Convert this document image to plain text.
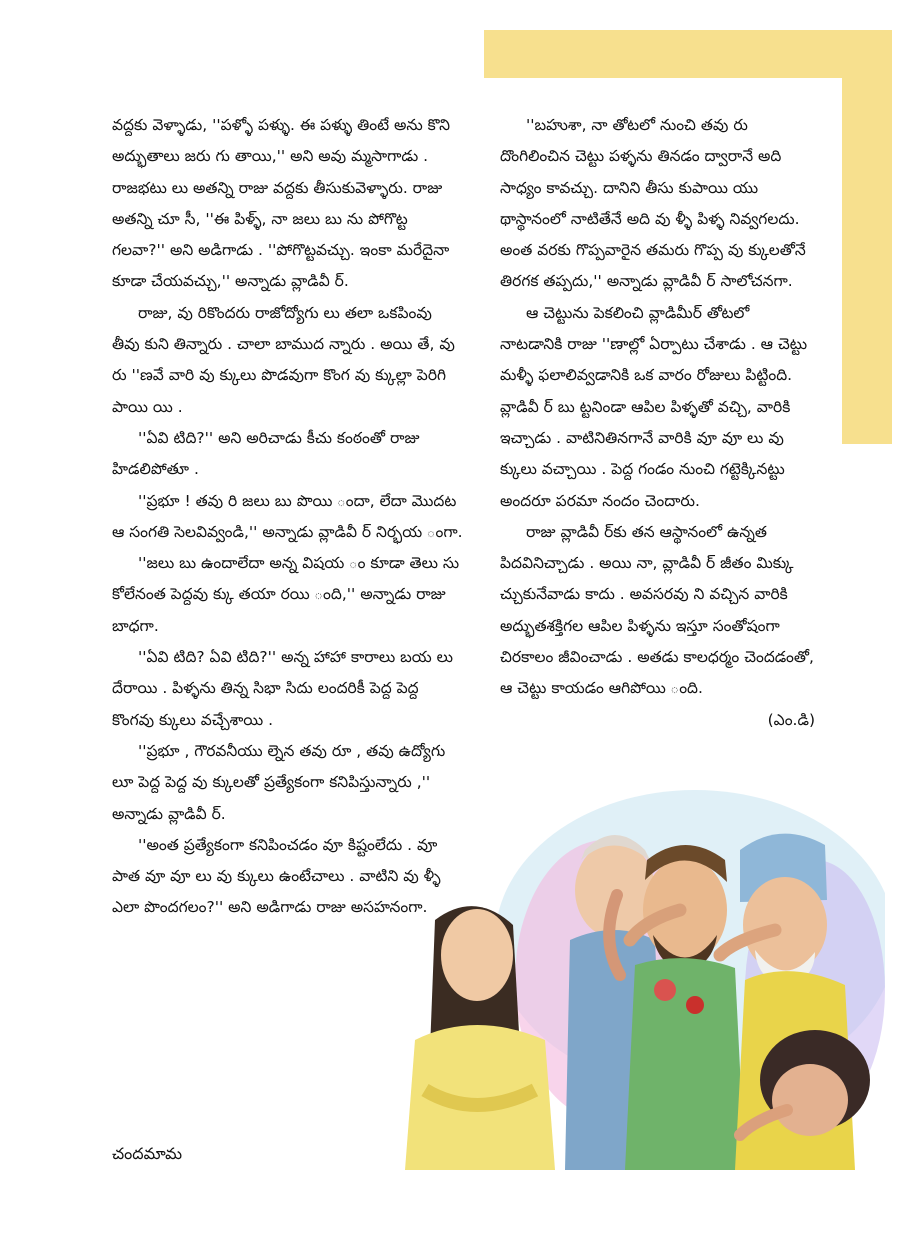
వద్దకు వెళ్ళాడు, ''పళ్ళో పళ్ళు. ఈ పళ్ళు తింటే అను కొని అద్భుతాలు జరు గు తాయి,'' అని అవు మ్మసాగాడు . రాజభటు లు అతన్ని రాజు వద్దకు తీసుకువెళ్ళారు. రాజు అతన్ని చూ సీ, ''ఈ పిళ్ళ్, నా జలు బు ను పోగొట్ట గలవా?'' అని అడిగాడు . ''పోగొట్టవచ్చు. ఇంకా మరేదైనా కూడా చేయవచ్చు,'' అన్నాడు వ్లాడివీ ర్.

రాజు, వు రికొందరు రాజోద్యోగు లు తలా ఒకపింవు తీవు కుని తిన్నారు . చాలా బాముద న్నారు . అయి తే, వు రు ''ణవే వారి వు క్కులు పొడవుగా కొంగ వు క్కుల్లా పెరిగి పాయి యి .

''ఏవి టిది?'' అని అరిచాడు కీచు కంఠంతో రాజు హిడలిపోతూ .

''ప్రభూ ! తవు రి జలు బు పొయి ందా, లేదా మొదట ఆ సంగతి సెలవివ్వండి,'' అన్నాడు వ్లాడివీ ర్ నిర్భయ ంగా.

''జలు బు ఉందాలేదా అన్న విషయ ం కూడా తెలు సు కోలేనంత పెద్దవు క్కు తయా రయి ంది,'' అన్నాడు రాజు బాధగా.

''ఏవి టిది? ఏవి టిది?'' అన్న హాహా కారాలు బయ లు దేరాయి . పిళ్ళను తిన్న సిభా సిదు లందరికీ పెద్ద పెద్ద కొంగవు క్కులు వచ్చేశాయి .

''ప్రభూ , గౌరవనీయు ల్నెన తవు రూ , తవు ఉద్యోగు లూ పెద్ద పెద్ద వు క్కులతో ప్రత్యేకంగా కనిపిస్తున్నారు ,'' అన్నాడు వ్లాడివీ ర్.

''అంత ప్రత్యేకంగా కనిపించడం వూ కిష్టంలేదు . వూ పాత వూ వూ లు వు క్కులు ఉంటేచాలు . వాటిని వు ళ్ళీ ఎలా పొందగలం?'' అని అడిగాడు రాజు అసహనంగా.

''బహుశా, నా తోటలో నుంచి తవు రు దొంగిలించిన చెట్టు పళ్ళను తినడం ద్వారానే అది సాధ్యం కావచ్చు. దానిని తీసు కుపాయి యు థాస్థానంలో నాటితేనే అది వు ళ్ళీ పిళ్ళ నివ్వగలదు. అంత వరకు గొప్పవారైన తమరు గొప్ప వు క్కులతోనే తిరగక తప్పదు,'' అన్నాడు వ్లాడివీ ర్ సాలోచనగా.

ఆ చెట్టును పెకలించి వ్లాడిమీర్ తోటలో నాటడానికి రాజు ''ణాల్లో ఏర్పాటు చేశాడు . ఆ చెట్టు మళ్ళీ ఫలాలివ్వడానికి ఒక వారం రోజులు పిట్టింది. వ్లాడివీ ర్ బు ట్టనిండా ఆపిల పిళ్ళతో వచ్చి, వారికి ఇచ్చాడు . వాటినితినగానే వారికి వూ వూ లు వు క్కులు వచ్చాయి . పెద్ద గండం నుంచి గట్టెక్కినట్టు అందరూ పరమా నందం చెందారు.

రాజు వ్లాడివీ ర్‌కు తన ఆస్థానంలో ఉన్నత పిదవినిచ్చాడు . అయి నా, వ్లాడివీ ర్ జీతం మిక్కు చ్చుకునేవాడు కాదు . అవసరవు ని వచ్చిన వారికి అద్భుతశక్తిగల ఆపిల పిళ్ళను ఇస్తూ సంతోషంగా చిరకాలం జీవించాడు . అతడు కాలధర్మం చెందడంతో, ఆ చెట్టు కాయడం ఆగిపోయి ంది.

(ఎం.డి)

చందమామ
